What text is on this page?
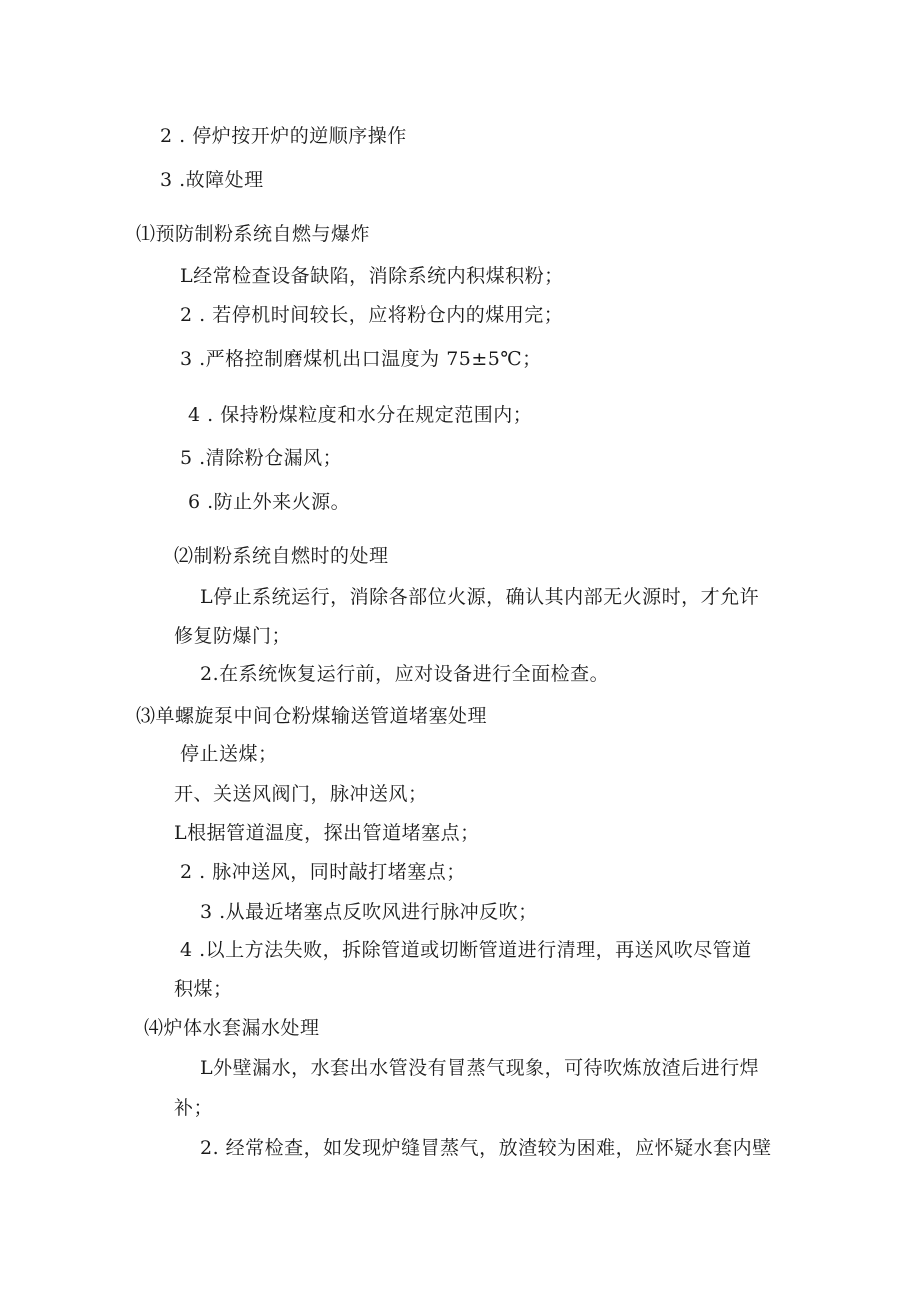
2 . 停炉按开炉的逆顺序操作
3 .故障处理
⑴预防制粉系统自燃与爆炸
L经常检查设备缺陷，消除系统内积煤积粉；
2 . 若停机时间较长，应将粉仓内的煤用完；
3 .严格控制磨煤机出口温度为 75±5℃；
4 . 保持粉煤粒度和水分在规定范围内；
5 .清除粉仓漏风；
6 .防止外来火源。
⑵制粉系统自燃时的处理
L停止系统运行，消除各部位火源，确认其内部无火源时，才允许
修复防爆门；
2.在系统恢复运行前，应对设备进行全面检查。
⑶单螺旋泵中间仓粉煤输送管道堵塞处理
停止送煤；
开、关送风阀门，脉冲送风；
L根据管道温度，探出管道堵塞点；
2 . 脉冲送风，同时敲打堵塞点；
3 .从最近堵塞点反吹风进行脉冲反吹；
4 .以上方法失败，拆除管道或切断管道进行清理，再送风吹尽管道
积煤；
⑷炉体水套漏水处理
L外壁漏水，水套出水管没有冒蒸气现象，可待吹炼放渣后进行焊
补；
2. 经常检查，如发现炉缝冒蒸气，放渣较为困难，应怀疑水套内壁
